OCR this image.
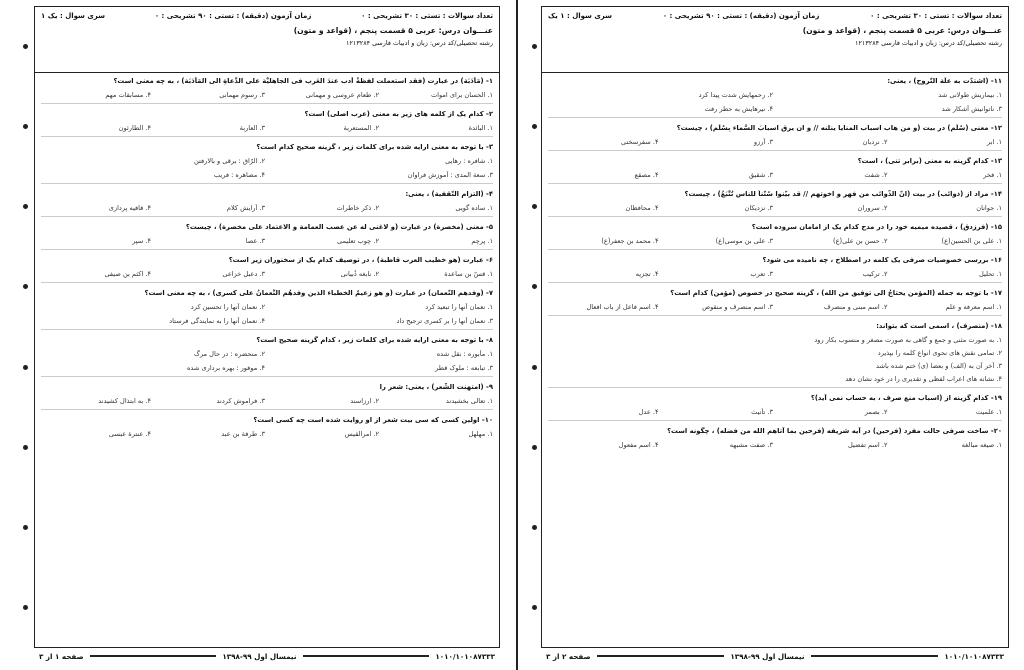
تعداد سوالات : تستی : ۳۰ تشریحی : ۰
زمان آزمون (دقیقه) : تستی : ۹۰ تشریحی : ۰
سری سوال : یک ۱
عنـــوان درس: عربی ۵ قسمت پنجم ، (قواعد و متون)
رشته تحصیلی/کد درس: زبان و ادبیات فارسی ۱۲۱۳۲۸۴
۱- (مَأدَبَة) در عبارت (فقد استعملت لفظةُ أدب عندَ العَرب فی الجاهلیَّة علی الدَّعاةِ الی المَأدَبَة) ، به چه معنی است؟
۱. الحسان برای اموات
۲. طعام عروسی و مهمانی
۳. رسوم مهمانی
۴. مسابقات مهم
۲- کدام یک از کلمه های زیر به معنی (عرب اصلی) است؟
۱. البائدة
۲. المستعربة
۳. العاربة
۴. الطارئون
۳- با توجه به معنی ارایه شده برای کلمات زیر ، گزینه صحیح کدام است؟
۱. شافره : رهایی
۲. الرّاق : برقی و بالارفتن
۳. سعة المدی : آموزش فراوان
۴. مصاهره : فریب
۴- (التزام التّقفیة) ، یعنی:
۱. ساده گویی
۲. ذکر خاطرات
۳. آرایش کلام
۴. قافیه پردازی
۵- معنی (مخصرة) در عبارت (و لاغنی له عن عصب العمامة و الاعتماد علی مخصرة) ، چیست؟
۱. پرچم
۲. چوب تعلیمی
۳. عصا
۴. سپر
۶- عبارت (هو خطیب العرب قاطبة) ، در توصیف کدام یک از سخنوران زیر است؟
۱. قسّ بن ساعدة
۲. نابغه ذُبیانی
۳. دعبل خزاعی
۴. اکثم بن صیفی
۷- (وفدهم النّعمان) در عبارت (و هو زعیمُ الخطباء الذین وفدهُم النُّعمانُ علی کسری) ، به چه معنی است؟
۱. نعمان آنها را تبعید کرد
۲. نعمان آنها را تحسین کرد
۳. نعمان آنها را بر کسری ترجیح داد
۴. نعمان آنها را به نمایندگی فرستاد
۸- با توجه به معنی ارایه شده برای کلمات زیر ، کدام گزینه صحیح است؟
۱. مأبوره : نقل شده
۲. منحضره : در حال مرگ
۳. تبابعه : ملوک قطر
۴. موفور : بهره برداری شده
۹- (امتهنت الشّعر) ، یعنی: شعر را
۱. تعالی بخشیدند
۲. ارزاسند
۳. فراموش کردند
۴. به ابتذال کشیدند
۱۰- اولین کسی که سی بیت شعر از او روایت شده است چه کسی است؟
۱. مهلهل
۲. امرالقیس
۳. طرفة بن عبد
۴. عنترة عبسی
۱۰۱۰/۱۰۱۰۸۷۳۳۳
نیمسال اول ۹۹-۱۳۹۸
صفحه ۱ از ۳
تعداد سوالات : تستی : ۳۰ تشریحی : ۰
زمان آزمون (دقیقه) : تستی : ۹۰ تشریحی : ۰
سری سوال : ۱ یک
عنـــوان درس: عربی ۵ قسمت پنجم ، (قواعد و متون)
رشته تحصیلی/کد درس: زبان و ادبیات فارسی ۱۲۱۳۲۸۴
۱۱- (اشتدّت به علّة التّروح) ، یعنی:
۱. بیماریش طولانی شد
۲. رحمهایش شدت پیدا کرد
۳. ناتوانیش آشکار شد
۴. نیرهایش به حطر رفت
۱۲- معنی (سُلَّم) در بیت (و من هاب اسباب المنایا ینلنه // و ان یرق اسبابَ السَّماء بِسُلَّم) ، چیست؟
۱. ابر
۲. نردبان
۳. آرزو
۴. سفرسختی
۱۳- کدام گزینه به معنی (برابر تنی) ، است؟
۱. فخر
۲. شفت
۳. شقیق
۴. مصقع
۱۴- مراد از (ذوائب) در بیت (انّ الذّوائب من فهر و اخوتهم // قد بیّنوا سُنّناً للناس تُتَّبَعُ) ، چیست؟
۱. جوانان
۲. سروران
۳. نزدیکان
۴. محافظان
۱۵- (فرزدق) ، قصیده میمیه خود را در مدح کدام یک از امامان سروده است؟
۱. علی بن الحسین(ع)
۲. حسن بن علی(ع)
۳. علی بن موسی(ع)
۴. محمد بن جعفر(ع)
۱۶- بررسی خصوصیات صرفی یک کلمه در اصطلاح ، چه نامیده می شود؟
۱. تحلیل
۲. ترکیب
۳. تعرب
۴. تجزیه
۱۷- با توجه به جمله (المؤمن یحتاجُ الی توفیق من الله) ، گزینه صحیح در خصوص (مؤمن) کدام است؟
۱. اسم معرفه و علم
۲. اسم مبنی و منصرف
۳. اسم منصرف و منقوص
۴. اسم فاعل از باب افعال
۱۸- (منصرف) ، اسمی است که بتواند:
۱. به صورت مثنی و جمع و گاهی به صورت مصغر و منسوب بکار رود
۲. تمامی نقش های نحوی انواع کلمه را بپذیرد
۳. آخر آن به (الف) و بعضا (ی) ختم شده باشد
۴. نشانه های اعراب لفظی و تقدیری را در خود نشان دهد
۱۹- کدام گزینه از (اسباب منع صرف ، به حساب نمی آید)؟
۱. علمیت
۲. بصمر
۳. تأنیث
۴. عدل
۲۰- ساخت صرفی حالت مفرد (فرحین) در آیه شریفه (فرحین بما آتاهم الله من فضله) ، چگونه است؟
۱. صیغه مبالغه
۲. اسم تفضیل
۳. صفت مشبهه
۴. اسم مفعول
۱۰۱۰/۱۰۱۰۸۷۳۳۳
نیمسال اول ۹۹-۱۳۹۸
صفحه ۲ از ۳
